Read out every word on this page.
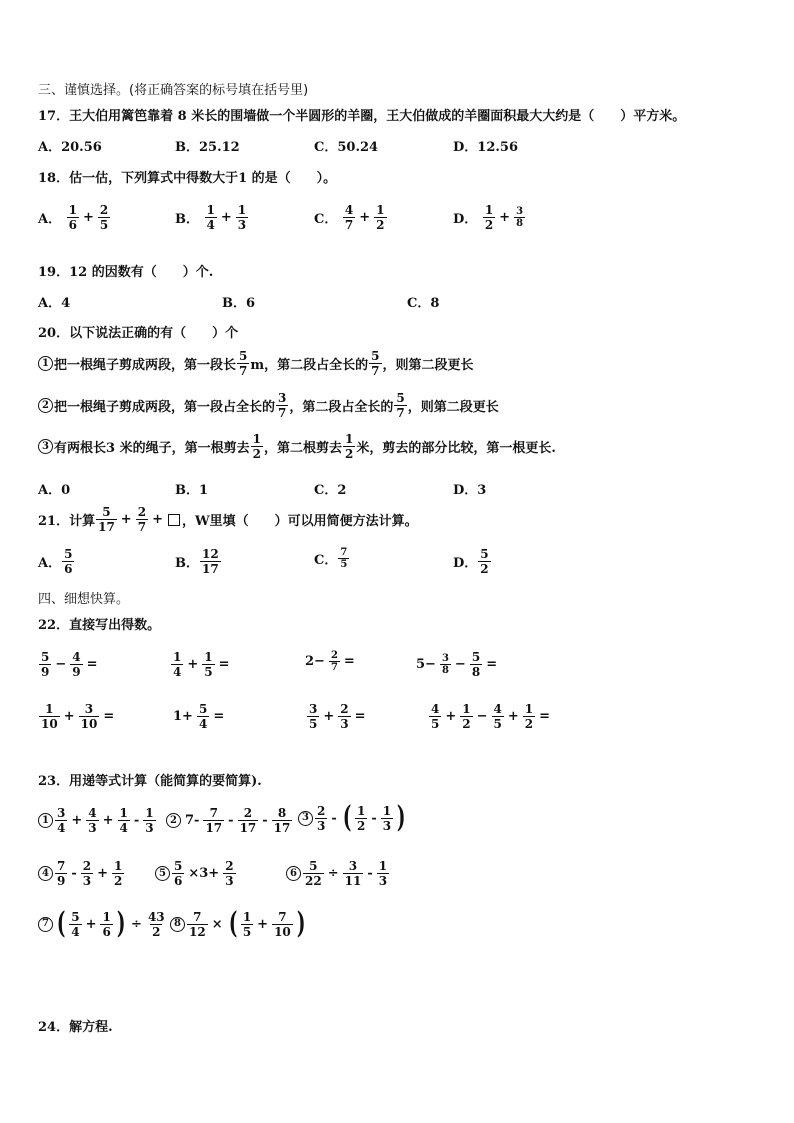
三、谨慎选择。(将正确答案的标号填在括号里)
17．王大伯用篱笆靠着 8 米长的围墙做一个半圆形的羊圈，王大伯做成的羊圈面积最大大约是（　　）平方米。
A．20.56	B．25.12	C．50.24	D．12.56
18．估一估，下列算式中得数大于1 的是（　　）。
A． $\frac{1}{6} + \frac{2}{5}$	B． $\frac{1}{4} + \frac{1}{3}$	C． $\frac{4}{7} + \frac{1}{2}$	D． $\frac{1}{2} + \frac{3}{8}$
19．12 的因数有（　　）个.
A．4	B．6	C．8
20．以下说法正确的有（　　）个
1 把一根绳子剪成两段，第一段长 $\frac{5}{7}$ m，第二段占全长的 $\frac{5}{7}$ ，则第二段更长
2 把一根绳子剪成两段，第一段占全长的 $\frac{3}{7}$ ，第二段占全长的 $\frac{5}{7}$ ，则第二段更长
3 有两根长3 米的绳子，第一根剪去 $\frac{1}{2}$ ，第二根剪去 $\frac{1}{2}$ 米，剪去的部分比较，第一根更长.
A．0	B．1	C．2	D．3
21．计算 $\frac{5}{17} + \frac{2}{7}$ + ，W里填（　　）可以用简便方法计算。
A． $\frac{5}{6}$	B． $\frac{12}{17}$	C． $\frac{7}{5}$	D． $\frac{5}{2}$
四、细想快算。
22．直接写出得数。
$\frac{5}{9} - \frac{4}{9}$ =	$\frac{1}{4} + \frac{1}{5}$ =	$2- \frac{2}{7}$ =	$5- \frac{3}{8} - \frac{5}{8}$ =
$\frac{1}{10} + \frac{3}{10}$ =	$1+ \frac{5}{4}$ =	$\frac{3}{5} + \frac{2}{3}$ =	$\frac{4}{5} + \frac{1}{2} - \frac{4}{5} + \frac{1}{2}$ =
23．用递等式计算（能简算的要简算).
$1 \frac{3}{4} + \frac{4}{3} + \frac{1}{4} - \frac{1}{3}$	2 $7- \frac{7}{17} - \frac{2}{17} - \frac{8}{17} 3 \frac{2}{3}$ - ( $\frac{1}{2} - \frac{1}{3}$ )
$4 \frac{7}{9} - \frac{2}{3} + \frac{1}{2}$	$5 \frac{5}{6} \times 3+ \frac{2}{3}$	$6 \frac{5}{22} \div \frac{3}{11} - \frac{1}{3}$
7 ( $\frac{5}{4} + \frac{1}{6}$ ) ÷ $\frac{43}{2} 8 \frac{7}{12}$ × ( $\frac{1}{5} + \frac{7}{10}$ )
24．解方程.
